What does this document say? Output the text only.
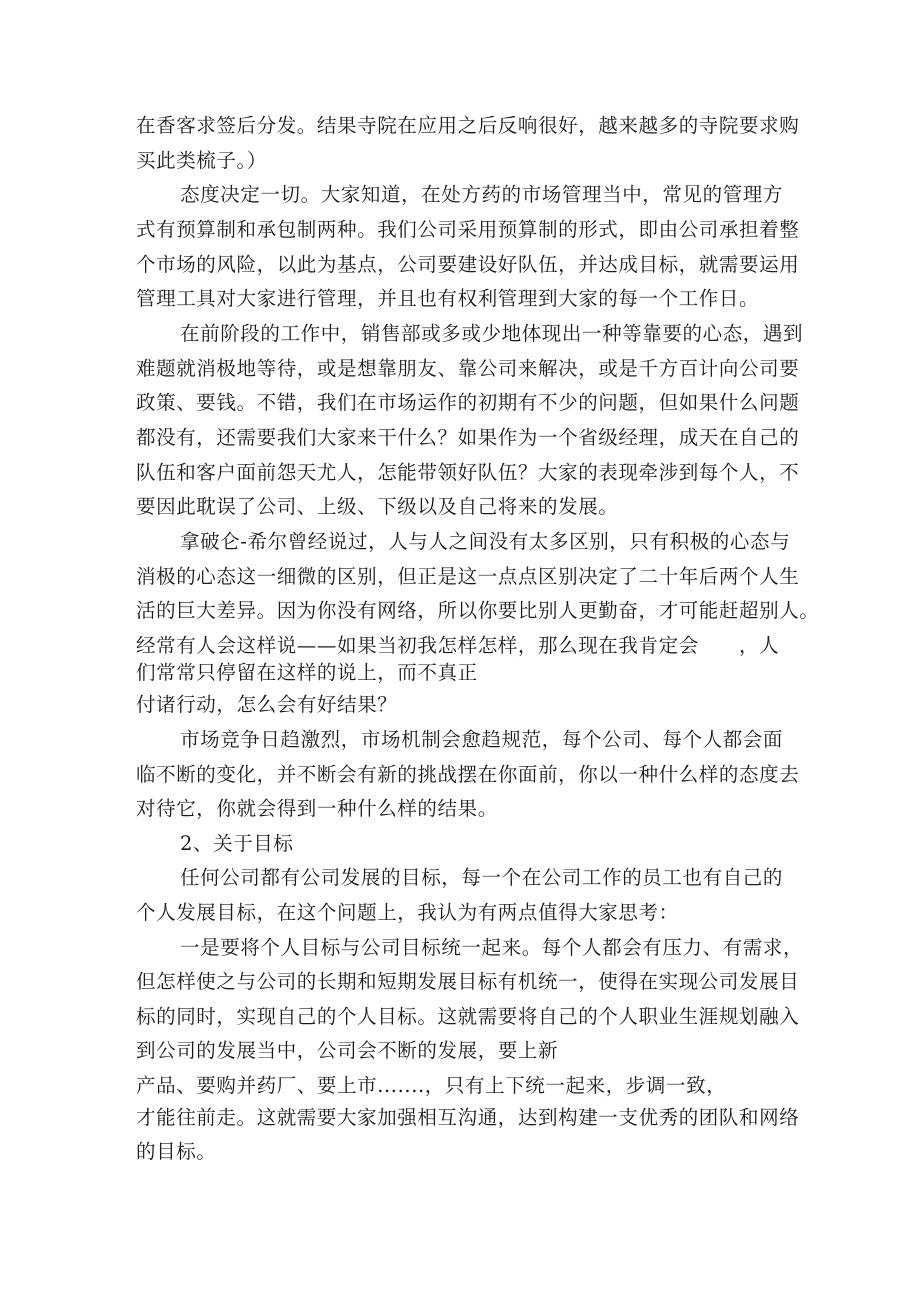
在香客求签后分发。结果寺院在应用之后反响很好，越来越多的寺院要求购

买此类梳子。）

态度决定一切。大家知道，在处方药的市场管理当中，常见的管理方

式有预算制和承包制两种。我们公司采用预算制的形式，即由公司承担着整

个市场的风险，以此为基点，公司要建设好队伍，并达成目标，就需要运用

管理工具对大家进行管理，并且也有权利管理到大家的每一个工作日。

在前阶段的工作中，销售部或多或少地体现出一种等靠要的心态，遇到

难题就消极地等待，或是想靠朋友、靠公司来解决，或是千方百计向公司要

政策、要钱。不错，我们在市场运作的初期有不少的问题，但如果什么问题

都没有，还需要我们大家来干什么？如果作为一个省级经理，成天在自己的

队伍和客户面前怨天尤人，怎能带领好队伍？大家的表现牵涉到每个人，不

要因此耽误了公司、上级、下级以及自己将来的发展。

拿破仑-希尔曾经说过，人与人之间没有太多区别，只有积极的心态与

消极的心态这一细微的区别，但正是这一点点区别决定了二十年后两个人生

活的巨大差异。因为你没有网络，所以你要比别人更勤奋，才可能赶超别人。

经常有人会这样说——如果当初我怎样怎样，那么现在我肯定会　　，人

们常常只停留在这样的说上，而不真正

付诸行动，怎么会有好结果？

市场竞争日趋激烈，市场机制会愈趋规范，每个公司、每个人都会面

临不断的变化，并不断会有新的挑战摆在你面前，你以一种什么样的态度去

对待它，你就会得到一种什么样的结果。

2、关于目标

任何公司都有公司发展的目标，每一个在公司工作的员工也有自己的

个人发展目标，在这个问题上，我认为有两点值得大家思考：

一是要将个人目标与公司目标统一起来。每个人都会有压力、有需求，

但怎样使之与公司的长期和短期发展目标有机统一，使得在实现公司发展目

标的同时，实现自己的个人目标。这就需要将自己的个人职业生涯规划融入

到公司的发展当中，公司会不断的发展，要上新

产品、要购并药厂、要上市.......，只有上下统一起来，步调一致，

才能往前走。这就需要大家加强相互沟通，达到构建一支优秀的团队和网络

的目标。
